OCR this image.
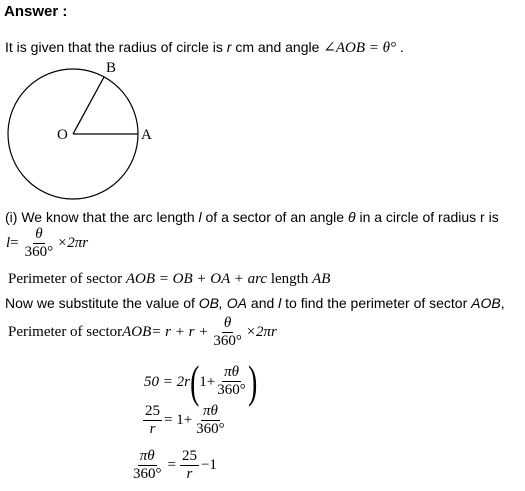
Answer :
It is given that the radius of circle is r cm and angle ∠AOB = θ° .
B
O	A
(i) We know that the arc length l of a sector of an angle θ in a circle of radius r is
$l = \frac{\theta}{360^\circ} \times 2\pi r$
Perimeter of sector AOB = OB + OA + arc length AB
Now we substitute the value of OB, OA and l to find the perimeter of sector AOB,
Perimeter of sector AOB = $r + r + \frac{\theta}{360^\circ} \times 2\pi r$
50 = 2r ( $1+ \frac{\pi\theta}{360^\circ}$ )
$\frac{25}{r} = 1+ \frac{\pi\theta}{360^\circ}$
$\frac{\pi\theta}{360^\circ} = \frac{25}{r} -1$
